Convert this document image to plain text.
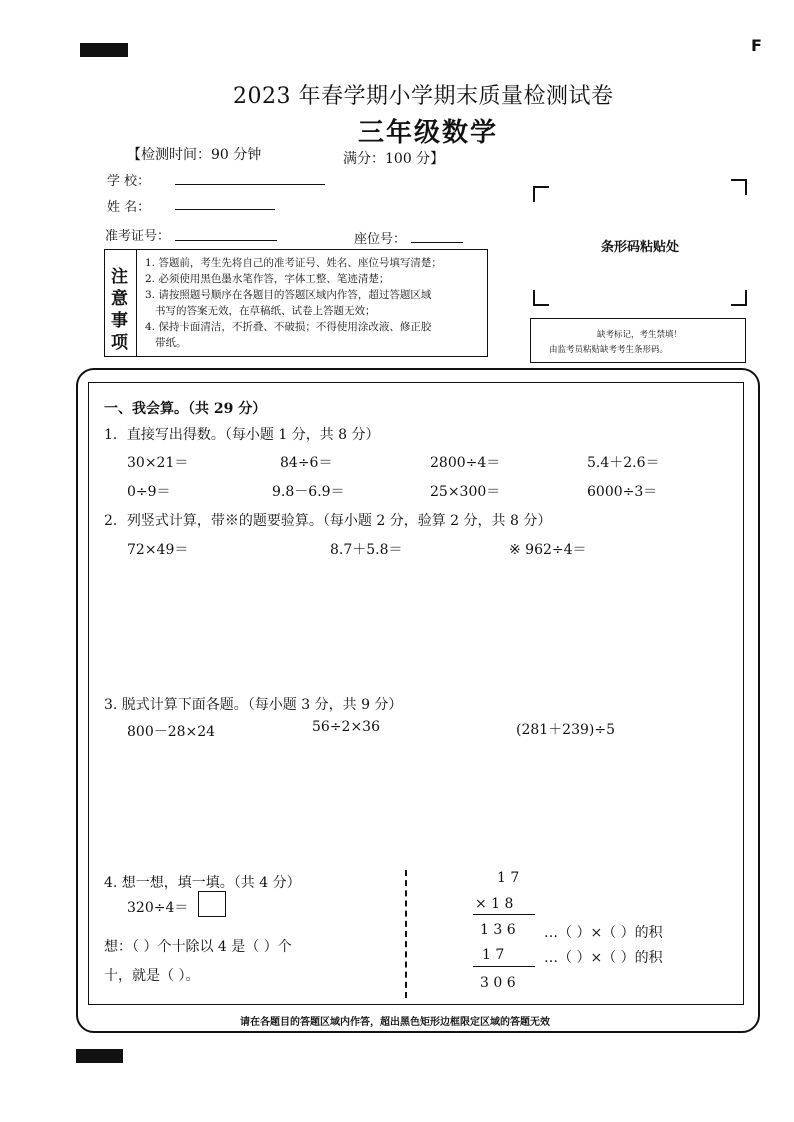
F
2023 年春学期小学期末质量检测试卷
三年级数学
【检测时间：90 分钟	满分：100 分】
学 校：
姓 名：
准考证号：	座位号：
注
意
事
项
1. 答题前，考生先将自己的准考证号、姓名、座位号填写清楚；
2. 必须使用黑色墨水笔作答，字体工整、笔迹清楚；
3. 请按照题号顺序在各题目的答题区域内作答，超过答题区域
书写的答案无效，在草稿纸、试卷上答题无效；
4. 保持卡面清洁，不折叠、不破损；不得使用涂改液、修正胶
带纸。
条形码粘贴处
缺考标记，考生禁填！
由监考员粘贴缺考考生条形码。
一、我会算。（共 29 分）
1．直接写出得数。（每小题 1 分，共 8 分）
30×21＝	84÷6＝	2800÷4＝	5.4＋2.6＝
0÷9＝	9.8－6.9＝	25×300＝	6000÷3＝
2．列竖式计算，带※的题要验算。（每小题 2 分，验算 2 分，共 8 分）
72×49＝	8.7＋5.8＝	※ 962÷4＝
3. 脱式计算下面各题。（每小题 3 分，共 9 分）
800－28×24	56÷2×36	(281＋239)÷5
4. 想一想，填一填。（共 4 分）
320÷4＝
想：（ ）个十除以 4 是（ ）个
十，就是（ ）。
1 7
× 1 8
1 3 6 …（ ）×（ ）的积
1 7	…（ ）×（ ）的积
3 0 6
请在各题目的答题区域内作答，超出黑色矩形边框限定区域的答题无效
